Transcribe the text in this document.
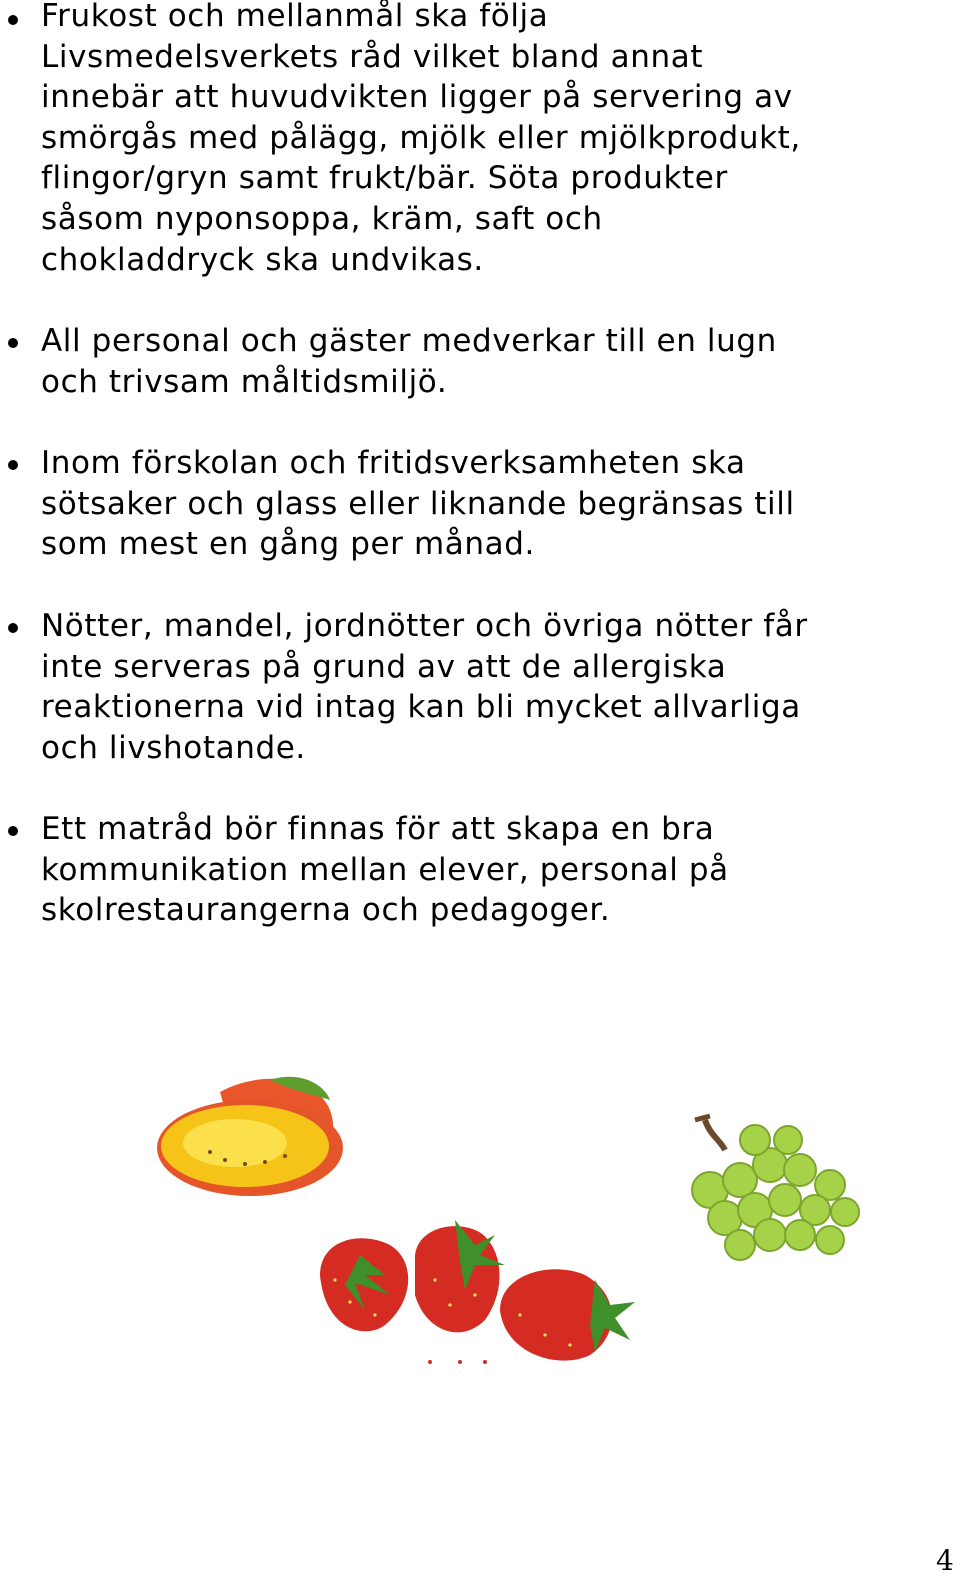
Frukost och mellanmål ska följa
Livsmedelsverkets råd vilket bland annat
innebär att huvudvikten ligger på servering av
smörgås med pålägg, mjölk eller mjölkprodukt,
flingor/gryn samt frukt/bär. Söta produkter
såsom nyponsoppa, kräm, saft och
chokladdryck ska undvikas.

All personal och gäster medverkar till en lugn
och trivsam måltidsmiljö.

Inom förskolan och fritidsverksamheten ska
sötsaker och glass eller liknande begränsas till
som mest en gång per månad.

Nötter, mandel, jordnötter och övriga nötter får
inte serveras på grund av att de allergiska
reaktionerna vid intag kan bli mycket allvarliga
och livshotande.

Ett matråd bör finnas för att skapa en bra
kommunikation mellan elever, personal på
skolrestaurangerna och pedagoger.

4
